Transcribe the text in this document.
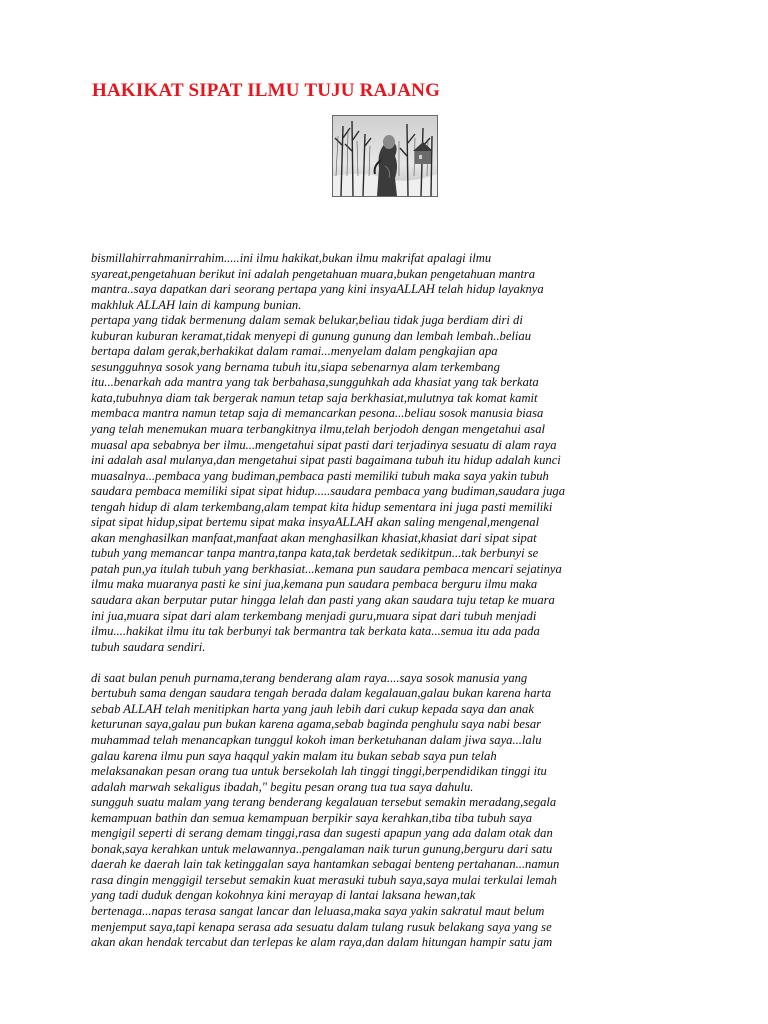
HAKIKAT SIPAT ILMU TUJU RAJANG
bismillahirrahmanirrahim.....ini ilmu hakikat,bukan ilmu makrifat apalagi ilmu
syareat,pengetahuan berikut ini adalah pengetahuan muara,bukan pengetahuan mantra
mantra..saya dapatkan dari seorang pertapa yang kini insyaALLAH telah hidup layaknya
makhluk ALLAH lain di kampung bunian.
pertapa yang tidak bermenung dalam semak belukar,beliau tidak juga berdiam diri di
kuburan kuburan keramat,tidak menyepi di gunung gunung dan lembah lembah..beliau
bertapa dalam gerak,berhakikat dalam ramai...menyelam dalam pengkajian apa
sesungguhnya sosok yang bernama tubuh itu,siapa sebenarnya alam terkembang
itu...benarkah ada mantra yang tak berbahasa,sungguhkah ada khasiat yang tak berkata
kata,tubuhnya diam tak bergerak namun tetap saja berkhasiat,mulutnya tak komat kamit
membaca mantra namun tetap saja di memancarkan pesona...beliau sosok manusia biasa
yang telah menemukan muara terbangkitnya ilmu,telah berjodoh dengan mengetahui asal
muasal apa sebabnya ber ilmu...mengetahui sipat pasti dari terjadinya sesuatu di alam raya
ini adalah asal mulanya,dan mengetahui sipat pasti bagaimana tubuh itu hidup adalah kunci
muasalnya...pembaca yang budiman,pembaca pasti memiliki tubuh maka saya yakin tubuh
saudara pembaca memiliki sipat sipat hidup.....saudara pembaca yang budiman,saudara juga
tengah hidup di alam terkembang,alam tempat kita hidup sementara ini juga pasti memiliki
sipat sipat hidup,sipat bertemu sipat maka insyaALLAH akan saling mengenal,mengenal
akan menghasilkan manfaat,manfaat akan menghasilkan khasiat,khasiat dari sipat sipat
tubuh yang memancar tanpa mantra,tanpa kata,tak berdetak sedikitpun...tak berbunyi se
patah pun,ya itulah tubuh yang berkhasiat...kemana pun saudara pembaca mencari sejatinya
ilmu maka muaranya pasti ke sini jua,kemana pun saudara pembaca berguru ilmu maka
saudara akan berputar putar hingga lelah dan pasti yang akan saudara tuju tetap ke muara
ini jua,muara sipat dari alam terkembang menjadi guru,muara sipat dari tubuh menjadi
ilmu....hakikat ilmu itu tak berbunyi tak bermantra tak berkata kata...semua itu ada pada
tubuh saudara sendiri.
di saat bulan penuh purnama,terang benderang alam raya....saya sosok manusia yang
bertubuh sama dengan saudara tengah berada dalam kegalauan,galau bukan karena harta
sebab ALLAH telah menitipkan harta yang jauh lebih dari cukup kepada saya dan anak
keturunan saya,galau pun bukan karena agama,sebab baginda penghulu saya nabi besar
muhammad telah menancapkan tunggul kokoh iman berketuhanan dalam jiwa saya...lalu
galau karena ilmu pun saya haqqul yakin malam itu bukan sebab saya pun telah
melaksanakan pesan orang tua untuk bersekolah lah tinggi tinggi,berpendidikan tinggi itu
adalah marwah sekaligus ibadah," begitu pesan orang tua tua saya dahulu.
sungguh suatu malam yang terang benderang kegalauan tersebut semakin meradang,segala
kemampuan bathin dan semua kemampuan berpikir saya kerahkan,tiba tiba tubuh saya
mengigil seperti di serang demam tinggi,rasa dan sugesti apapun yang ada dalam otak dan
bonak,saya kerahkan untuk melawannya..pengalaman naik turun gunung,berguru dari satu
daerah ke daerah lain tak ketinggalan saya hantamkan sebagai benteng pertahanan...namun
rasa dingin menggigil tersebut semakin kuat merasuki tubuh saya,saya mulai terkulai lemah
yang tadi duduk dengan kokohnya kini merayap di lantai laksana hewan,tak
bertenaga...napas terasa sangat lancar dan leluasa,maka saya yakin sakratul maut belum
menjemput saya,tapi kenapa serasa ada sesuatu dalam tulang rusuk belakang saya yang se
akan akan hendak tercabut dan terlepas ke alam raya,dan dalam hitungan hampir satu jam
